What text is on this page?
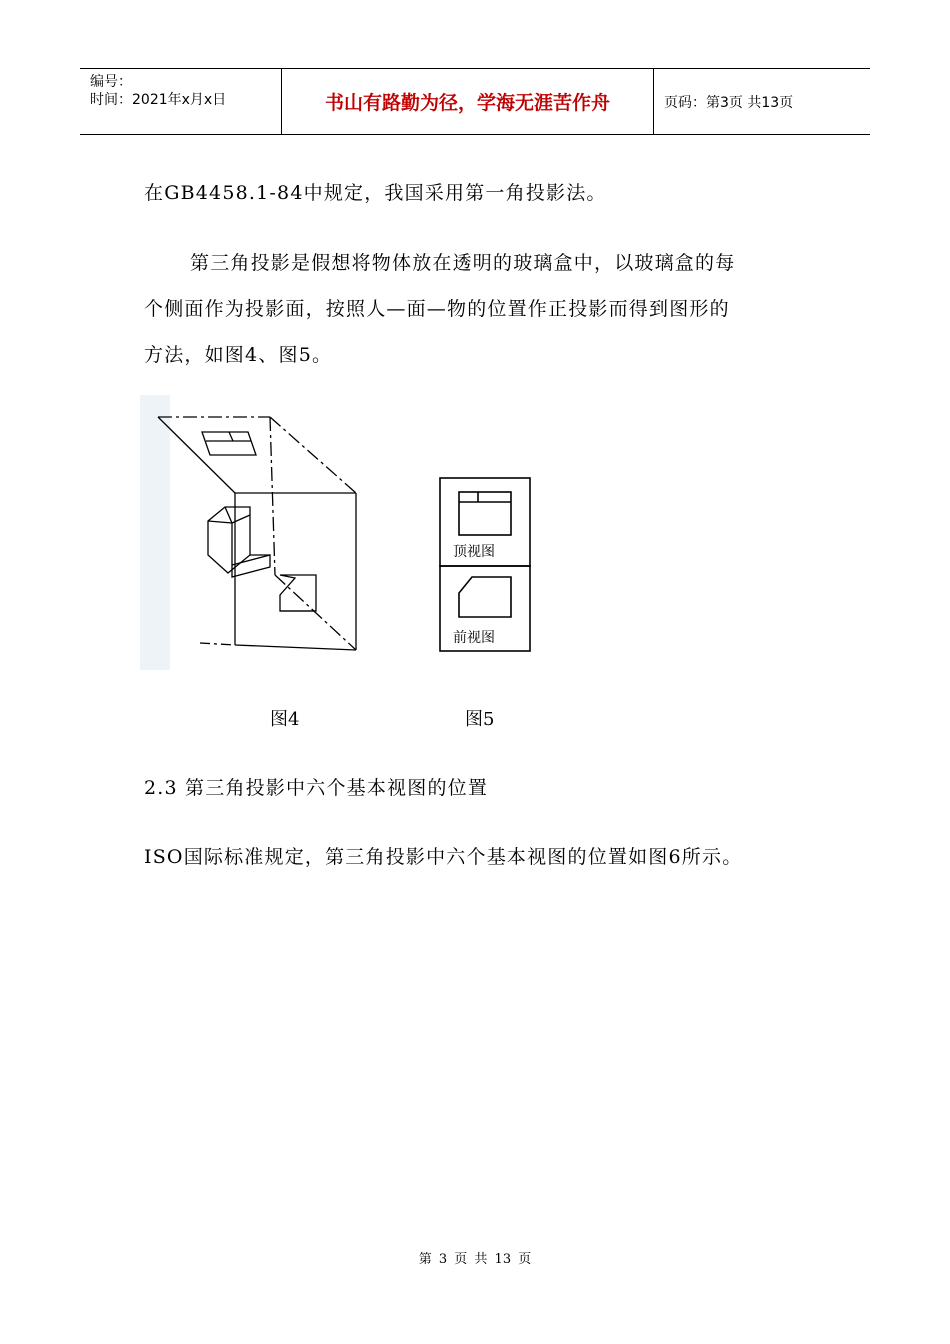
编号：
时间：2021年x月x日	书山有路勤为径，学海无涯苦作舟	页码：第3页 共13页
在GB4458.1-84中规定，我国采用第一角投影法。
第三角投影是假想将物体放在透明的玻璃盒中，以玻璃盒的每
个侧面作为投影面，按照人—面—物的位置作正投影而得到图形的
方法，如图4、图5。
顶视图
前视图
图4	图5
2.3 第三角投影中六个基本视图的位置
ISO国际标准规定，第三角投影中六个基本视图的位置如图6所示。
第 3 页 共 13 页
